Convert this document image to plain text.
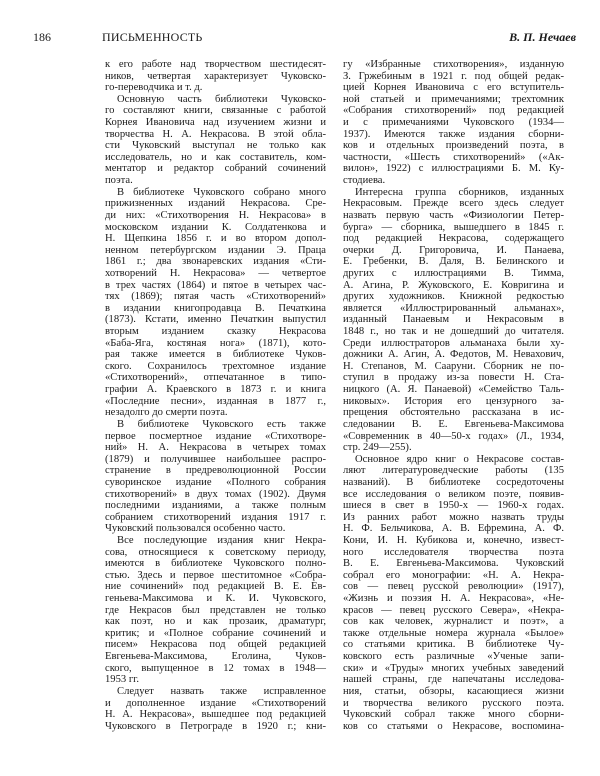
186	ПИСЬМЕННОСТЬ	В. П. Нечаев
к его работе над творчеством шестидесят-
ников, четвертая характеризует Чуковско-
го-переводчика и т. д.
Основную часть библиотеки Чуковско-
го составляют книги, связанные с работой
Корнея Ивановича над изучением жизни и
творчества Н. А. Некрасова. В этой обла-
сти Чуковский выступал не только как
исследователь, но и как составитель, ком-
ментатор и редактор собраний сочинений
поэта.
В библиотеке Чуковского собрано много
прижизненных изданий Некрасова. Сре-
ди них: «Стихотворения Н. Некрасова» в
московском издании К. Солдатенкова и
Н. Щепкина 1856 г. и во втором допол-
ненном петербургском издании Э. Праца
1861 г.; два звонаревских издания «Сти-
хотворений Н. Некрасова» — четвертое
в трех частях (1864) и пятое в четырех час-
тях (1869); пятая часть «Стихотворений»
в издании книгопродавца В. Печаткина
(1873). Кстати, именно Печаткин выпустил
вторым изданием сказку Некрасова
«Баба-Яга, костяная нога» (1871), кото-
рая также имеется в библиотеке Чуков-
ского. Сохранилось трехтомное издание
«Стихотворений», отпечатанное в типо-
графии А. Краевского в 1873 г. и книга
«Последние песни», изданная в 1877 г.,
незадолго до смерти поэта.
В библиотеке Чуковского есть также
первое посмертное издание «Стихотворе-
ний» Н. А. Некрасова в четырех томах
(1879) и получившее наибольшее распро-
странение в предреволюционной России
суворинское издание «Полного собрания
стихотворений» в двух томах (1902). Двумя
последними изданиями, а также полным
собранием стихотворений издания 1917 г.
Чуковский пользовался особенно часто.
Все последующие издания книг Некра-
сова, относящиеся к советскому периоду,
имеются в библиотеке Чуковского полно-
стью. Здесь и первое шеститомное «Собра-
ние сочинений» под редакцией В. Е. Ев-
геньева-Максимова и К. И. Чуковского,
где Некрасов был представлен не только
как поэт, но и как прозаик, драматург,
критик; и «Полное собрание сочинений и
писем» Некрасова под общей редакцией
Евгеньева-Максимова, Еголина, Чуков-
ского, выпущенное в 12 томах в 1948—
1953 гг.
Следует назвать также исправленное
и дополненное издание «Стихотворений
Н. А. Некрасова», вышедшее под редакцией
Чуковского в Петрограде в 1920 г.; кни-
гу «Избранные стихотворения», изданную
З. Гржебиным в 1921 г. под общей редак-
цией Корнея Ивановича с его вступитель-
ной статьей и примечаниями; трехтомник
«Собрания стихотворений» под редакцией
и с примечаниями Чуковского (1934—
1937). Имеются также издания сборни-
ков и отдельных произведений поэта, в
частности, «Шесть стихотворений» («Ак-
вилон», 1922) с иллюстрациями Б. М. Ку-
стодиева.
Интересна группа сборников, изданных
Некрасовым. Прежде всего здесь следует
назвать первую часть «Физиологии Петер-
бурга» — сборника, вышедшего в 1845 г.
под редакцией Некрасова, содержащего
очерки Д. Григоровича, И. Панаева,
Е. Гребенки, В. Даля, В. Белинского и
других с иллюстрациями В. Тимма,
А. Агина, Р. Жуковского, Е. Ковригина и
других художников. Книжной редкостью
является «Иллюстрированный альманах»,
изданный Панаевым и Некрасовым в
1848 г., но так и не дошедший до читателя.
Среди иллюстраторов альманаха были ху-
дожники А. Агин, А. Федотов, М. Невахович,
Н. Степанов, М. Сааруни. Сборник не по-
ступил в продажу из-за повести Н. Ста-
ницкого (А. Я. Панаевой) «Семейство Таль-
никовых». История его цензурного за-
прещения обстоятельно рассказана в ис-
следовании В. Е. Евгеньева-Максимова
«Современник в 40—50-х годах» (Л., 1934,
стр. 249—255).
Основное ядро книг о Некрасове состав-
ляют литературоведческие работы (135
названий). В библиотеке сосредоточены
все исследования о великом поэте, появив-
шиеся в свет в 1950-х — 1960-х годах.
Из ранних работ можно назвать труды
Н. Ф. Бельчикова, А. В. Ефремина, А. Ф.
Кони, И. Н. Кубикова и, конечно, извест-
ного исследователя творчества поэта
В. Е. Евгеньева-Максимова. Чуковский
собрал его монографии: «Н. А. Некра-
сов — певец русской революции» (1917),
«Жизнь и поэзия Н. А. Некрасова», «Не-
красов — певец русского Севера», «Некра-
сов как человек, журналист и поэт», а
также отдельные номера журнала «Былое»
со статьями критика. В библиотеке Чу-
ковского есть различные «Ученые запи-
ски» и «Труды» многих учебных заведений
нашей страны, где напечатаны исследова-
ния, статьи, обзоры, касающиеся жизни
и творчества великого русского поэта.
Чуковский собрал также много сборни-
ков со статьями о Некрасове, воспомина-
